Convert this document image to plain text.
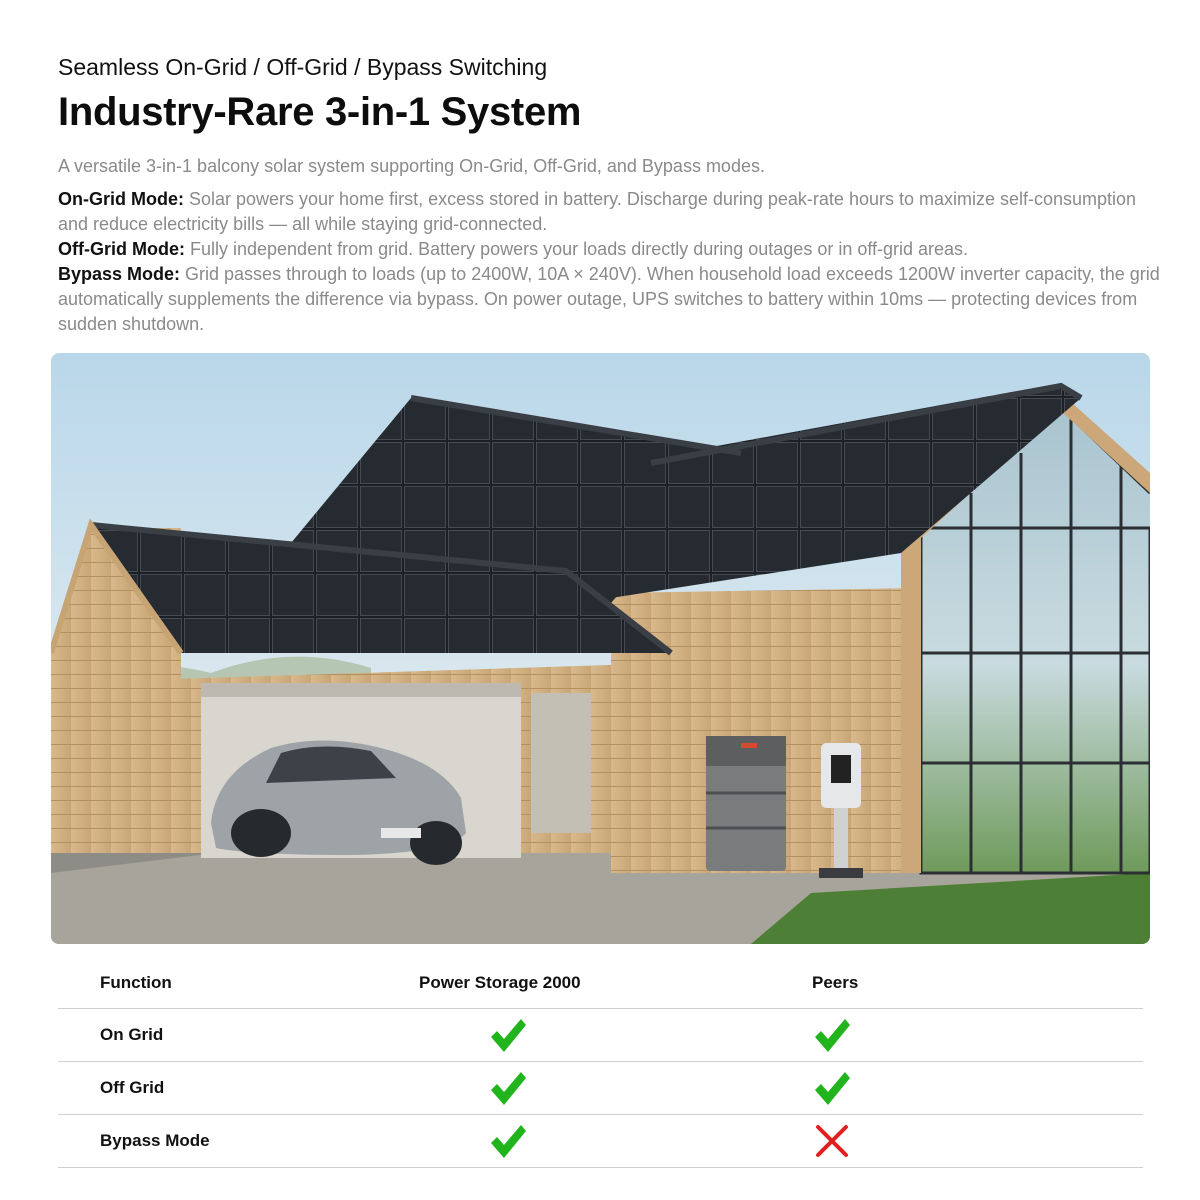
Seamless On-Grid / Off-Grid / Bypass Switching
Industry-Rare 3-in-1 System
A versatile 3-in-1 balcony solar system supporting On-Grid, Off-Grid, and Bypass modes.

On-Grid Mode: Solar powers your home first, excess stored in battery. Discharge during peak-rate hours to maximize self-consumption and reduce electricity bills — all while staying grid-connected.

Off-Grid Mode: Fully independent from grid. Battery powers your loads directly during outages or in off-grid areas.

Bypass Mode: Grid passes through to loads (up to 2400W, 10A × 240V). When household load exceeds 1200W inverter capacity, the grid automatically supplements the difference via bypass. On power outage, UPS switches to battery within 10ms — protecting devices from sudden shutdown.

Function	Power Storage 2000	Peers
On Grid
Off Grid
Bypass Mode
